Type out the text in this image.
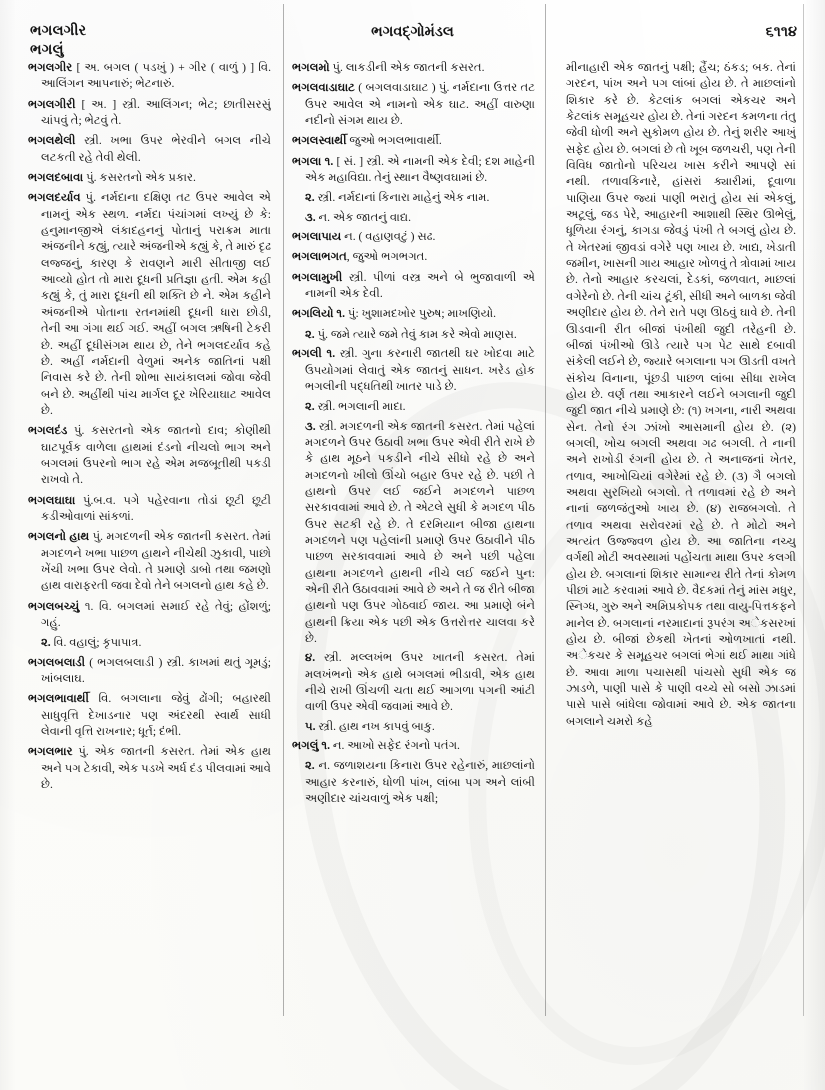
ભગલગીર
ભગલું
ભગવદ્ગોમંડલ	૬૧૧૪

ભગલગીર [ અ. બગલ ( પડખું ) + ગીર ( વાળું ) ] વિ. આલિંગન આપનારું; ભેટનારું.

ભગલગીરી [ અ. ] સ્ત્રી. આલિંગન; ભેટ; છાતીસરસું ચાંપવું તે; ભેટવું તે.

ભગલથેલી સ્ત્રી. ખભા ઉપર ભેરવીને બગલ નીચે લટકતી રહે તેવી થેલી.

ભગલદબાવા પું. કસરતનો એક પ્રકાર.

ભગલદર્યાવ પું. નર્મદાના દક્ષિણ તટ ઉપર આવેલ એ નામનું એક સ્થળ. નર્મદા પંચાંગમાં લખ્યું છે કે: હનુમાનજીએ લંકાદહનનું પોતાનું પરાક્રમ માતા અંજનીને કહ્યું, ત્યારે અંજનીએ કહ્યું કે, તે મારું દૃઢ લજ્જનું, કારણ કે રાવણને મારી સીતાજી લઈ આવ્યો હોત તો મારા દૂધની પ્રતિજ્ઞા હતી. એમ કહી કહ્યું કે, તું મારા દૂધની થી શક્તિ છે ને. એમ કહીને અંજનીએ પોતાના રતનમાંથી દૂધની ધારા છોડી, તેની આ ગંગા થઈ ગઈ. અહીં બગલ ઋષિની ટેકરી છે. અહીં દૂધીસંગમ થાય છે, તેને ભગલદર્યાવ કહે છે. અહીં નર્મદાની વેળુમાં અનેક જાતિનાં પક્ષી નિવાસ કરે છે. તેની શોભા સાયંકાલમાં જોવા જેવી બને છે. અહીંથી પાંચ માર્ગલ દૂર ખેરિયાઘાટ આવેલ છે.

ભગલદંડ પું. કસરતનો એક જાતનો દાવ; કોણીથી ઘાટપૂર્વક વાળેલા હાથમાં દંડનો નીચલો ભાગ અને બગલમાં ઉપરનો ભાગ રહે એમ મજબૂતીથી પકડી રાખવો તે.

ભગલઘાઘા પું.બ.વ. પગે પહેરવાના તોડાં છૂટી છૂટી કડીઓવાળાં સાંકળાં.

ભગલનો હાથ પું. મગદળની એક જાતની કસરત. તેમાં મગદળને ખભા પાછળ હાથને નીચેથી ઝુકાવી, પાછો ખેંચી ખભા ઉપર લેવો. તે પ્રમાણે ડાબો તથા જમણો હાથ વારાફરતી જવા દેવો તેને બગલનો હાથ કહે છે.

ભગલબચ્ચું ૧. વિ. બગલમાં સમાઈ રહે તેવું; હોંશળું; ગહું.

૨. વિ. વહાલું; કૃપાપાત્ર.

ભગલબલાડી ( ભગલબલાડી ) સ્ત્રી. કાખમાં થતું ગૂમડું; ખાંબલાઘ.

ભગલભાવાર્થી વિ. બગલાના જેવું ઢોંગી; બહારથી સાધુવૃત્તિ દેખાડનાર પણ અંદરથી સ્વાર્થ સાધી લેવાની વૃત્તિ રાખનાર; ધૂર્ત; દંભી.

ભગલભાર પું. એક જાતની કસરત. તેમાં એક હાથ અને પગ ટેકાવી, એક પડખે અર્ધ દંડ પીલવામાં આવે છે.

ભગલમો પું. લાકડીની એક જાતની કસરત.

ભગલવાડાઘાટ ( બગલવાડાઘાટ ) પું. નર્મદાના ઉત્તર તટ ઉપર આવેલ એ નામનો એક ઘાટ. અહીં વારુણા નદીનો સંગમ થાય છે.

ભગલસ્વાર્થી જુઓ ભગલભાવાર્થી.

ભગલા ૧. [ સં. ] સ્ત્રી. એ નામની એક દેવી; દશ માહેની એક મહાવિદ્યા. તેનું સ્થાન વૈષ્ણવઘામાં છે.

૨. સ્ત્રી. નર્મદાનાં કિનારા માહેનું એક નામ.

૩. ન. એક જાતનું વાદ્ય.

ભગલાપાય ન. ( વહાણવટું ) સઢ.

ભગલાભગત, જુઓ ભગભગત.

ભગલામુખી સ્ત્રી. પીળાં વસ્ત્ર અને બે ભુજાવાળી એ નામની એક દેવી.

ભગલિયો ૧. પું: ખુશામદખોર પુરુષ; માખણિયો.

૨. પું. જમે ત્યારે જમે તેવું કામ કરે એવો માણસ.

ભગલી ૧. સ્ત્રી. ગુના કરનારી જાતથી ઘર ખોદવા માટે ઉપયોગમાં લેવાતું એક જાતનું સાધન. ખરેડ હોક ભગલીની પદ્ધતિથી ખાતર પાડે છે.

૨. સ્ત્રી. ભગલાની માદા.

૩. સ્ત્રી. મગદળની એક જાતની કસરત. તેમાં પહેલાં મગદળને ઉપર ઉઠાવી ખભા ઉપર એવી રીતે રાખે છે કે હાથ મૂઠને પકડીને નીચે સીધો રહે છે અને મગદળનો ખીલો ઊંચો બહાર ઉપર રહે છે. પછી તે હાથનો ઉપર લઈ જઈને મગદળને પાછળ સરકાવવામાં આવે છે. તે એટલે સુધી કે મગદળ પીઠ ઉપર સટકી રહે છે. તે દરમિયાન બીજા હાથના મગદળને પણ પહેલાંની પ્રમાણે ઉપર ઉઠાવીને પીઠ પાછળ સરકાવવામાં આવે છે અને પછી પહેલા હાથના મગદળને હાથની નીચે લઈ જઈને પુન: એની રીતે ઉઠાવવામાં આવે છે અને તે જ રીતે બીજા હાથનો પણ ઉપર ગોઠવાઈ જાય. આ પ્રમાણે બંને હાથની ક્રિયા એક પછી એક ઉત્તરોત્તર ચાલવા કરે છે.

૪. સ્ત્રી. મલ્લખંભ ઉપર ખાતની કસરત. તેમાં મલખંભનો એક હાથે બગલમાં ભીડાવી, એક હાથ નીચે રાખી ઊંચળી ચતા થઈ આગળા પગની આંટી વાળી ઉપર એવી જવામાં આવે છે.

૫. સ્ત્રી. હાથ નખ કાપવું બાકુ.

ભગલું ૧. ન. આખો સફેદ રંગનો પતંગ.

૨. ન. જળાશયના કિનારા ઉપર રહેનારું, માછલાંનો આહાર કરનારું, ધોળી પાંખ, લાંબા પગ અને લાંબી અણીદાર ચાંચવાળું એક પક્ષી;

મીનાહારી એક જાતનું પક્ષી; હૈંચ; ઠંકડ; બક. તેનાં ગરદન, પાંખ અને પગ લાંબાં હોય છે. તે માછલાંનો શિકાર કરે છે. કેટલાંક બગલાં એકચર અને કેટલાંક સમૂહચર હોય છે. તેનાં ગરદન કમળના તંતુ જેવી ધોળી અને સુકોમળ હોય છે. તેનું શરીર આખું સફેદ હોય છે. બગલાં છે તો ખૂબ જળચરી, પણ તેની વિવિધ જાતોનો પરિચય ખાસ કરીને આપણે સાં નથી. તળાવકિનારે, હાંસરાં ક્યારીમાં, દૂવાળા પાણિયા ઉપર જ્યાં પાણી ભરાતું હોય સાં એકલું, અટૂલું, જડ પેરે, આહારની આશાથી સ્થિર ઊભેલું, ધૂળિયા રંગનું, કાગડા જેવડું પંખી તે બગલું હોય છે. તે ખેતરમાં જીવડાં વગેરે પણ ખાય છે. ખાદ્ય, ખેડાતી જમીન, ખાસની ગાય આહાર ખોળવું તે ત્રોવામાં ખાય છે. તેનો આહાર કરચલાં, દેડકાં, જળવાત, માછલાં વગેરેનો છે. તેની ચાંચ ટૂંકી, સીધી અને બાળકા જેવી અણીદાર હોય છે. તેને રાતે પણ ઊઠવું ઘાવે છે. તેની ઊડવાની રીત બીજાં પંખીથી જુદી તરેહની છે. બીજાં પંખીઓ ઊડે ત્યારે પગ પેટ સાથે દબાવી સંકેલી લઈને છે, જ્યારે બગલાના પગ ઊડતી વખતે સંકોચ વિનાના, પૂંછડી પાછળ લાંબા સીધા રાખેલ હોય છે. વર્ણ તથા આકારને લઈને બગલાની જુદી જુદી જાત નીચે પ્રમાણે છે: (૧) ખગના, નારી અથવા સેન. તેનો રંગ ઝાંખો આસમાની હોય છે. (૨) બગલી, ખોચ બગલી અથવા ગઢ બગલી. તે નાની અને રાખોડી રંગની હોય છે. તે અનાજનાં ખેતર, તળાવ, આખોચિયાં વગેરેમાં રહે છે. (૩) ગૈ બગલો અથવા સુરખિયો બગલો. તે તળાવમાં રહે છે અને નાનાં જળજંતુઓ ખાય છે. (૪) રાજબગલો. તે તળાવ અથવા સરોવરમાં રહે છે. તે મોટો અને અત્યંત ઉજ્જ્વળ હોય છે. આ જાતિના નચ્ચુ વર્ગથી મોટી અવસ્થામાં પહોંચતા માથા ઉપર કલગી હોય છે. બગલાનાં શિકાર સામાન્ય રીતે તેનાં કોમળ પીછાં માટે કરવામાં આવે છે. વૈદકમાં તેનું માંસ મધુર, સ્નિગ્ધ, ગુરુ અને અમિપ્રકોપક તથા વાયુ-પિત્તકફને માનેલ છે. બગલાનાં નરમાદાનાં રૂપરંગ અેકસરખાં હોય છે. બીજાં છેકથી ખેતનાં ઓળખાતાં નથી. અેકચર કે સમૂહચર બગલાં ભેગાં થઈ માથા ગાંધે છે. આવા માળા પચાસથી પાંચસો સુધી એક જ ઝાડળે, પાણી પાસે કે પાણી વચ્ચે સો બસો ઝાડમાં પાસે પાસે બાંધેલા જોવામાં આવે છે. એક જાતના બગલાને ચમરો કહે
